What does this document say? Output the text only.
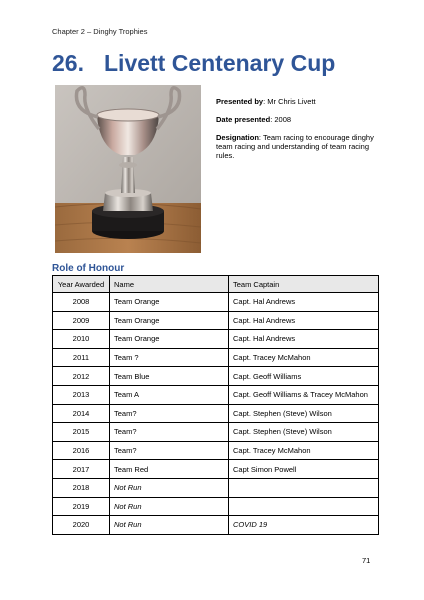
Chapter 2 – Dinghy Trophies
26. Livett Centenary Cup

Presented by: Mr Chris Livett

Date presented: 2008

Designation: Team racing to encourage dinghy team racing and understanding of team racing rules.

Role of Honour
Year Awarded	Name	Team Captain
2008	Team Orange	Capt. Hal Andrews
2009	Team Orange	Capt. Hal Andrews
2010	Team Orange	Capt. Hal Andrews
2011	Team ?	Capt. Tracey McMahon
2012	Team Blue	Capt. Geoff Williams
2013	Team A	Capt. Geoff Williams & Tracey McMahon
2014	Team?	Capt. Stephen (Steve) Wilson
2015	Team?	Capt. Stephen (Steve) Wilson
2016	Team?	Capt. Tracey McMahon
2017	Team Red	Capt Simon Powell
2018	Not Run	
2019	Not Run	
2020	Not Run	COVID 19
71
